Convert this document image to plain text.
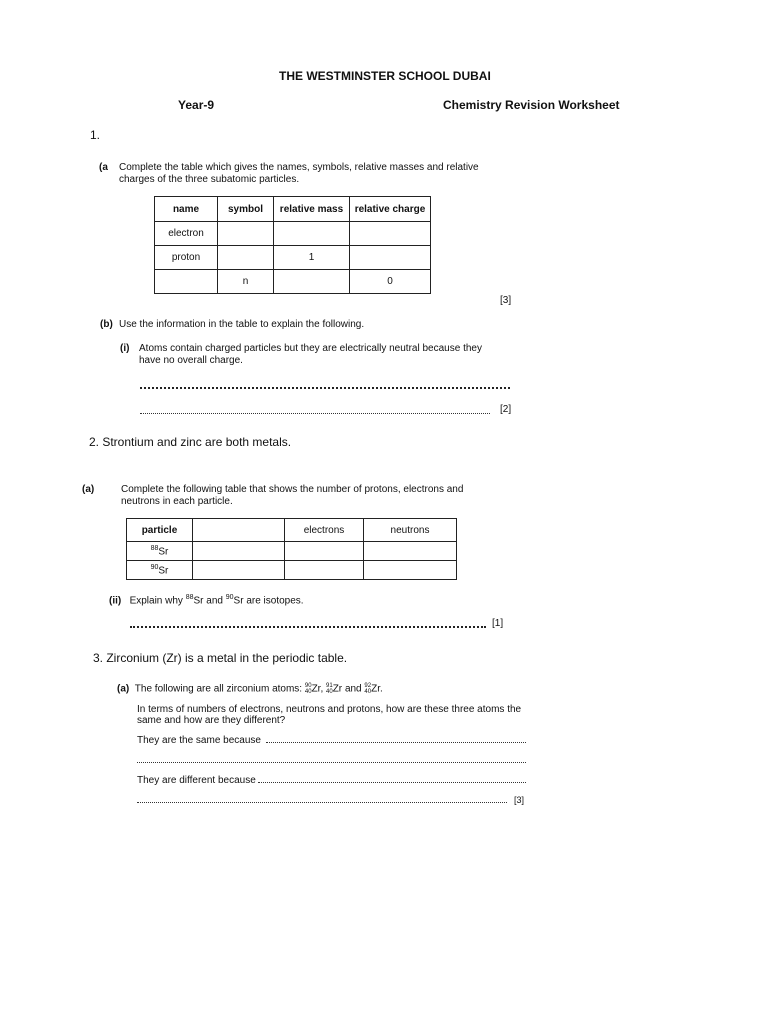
THE WESTMINSTER SCHOOL DUBAI
Year-9	Chemistry Revision Worksheet
1.
(a Complete the table which gives the names, symbols, relative masses and relative
charges of the three subatomic particles.
name	symbol	relative mass	relative charge
electron			
proton		1	
	n		0
[3]
(b) Use the information in the table to explain the following.
(i) Atoms contain charged particles but they are electrically neutral because they
have no overall charge.
[2]
2. Strontium and zinc are both metals.
(a)	Complete the following table that shows the number of protons, electrons and
neutrons in each particle.
particle		electrons	neutrons
$^{88}$Sr			
$^{90}$Sr			
(ii) Explain why $^{88}$Sr and $^{90}$Sr are isotopes.
[1]
3. Zirconium (Zr) is a metal in the periodic table.
(a) The following are all zirconium atoms: 90
40Zr, 91
40Zr and 92
40Zr.
In terms of numbers of electrons, neutrons and protons, how are these three atoms the
same and how are they different?
They are the same because
They are different because
[3]
